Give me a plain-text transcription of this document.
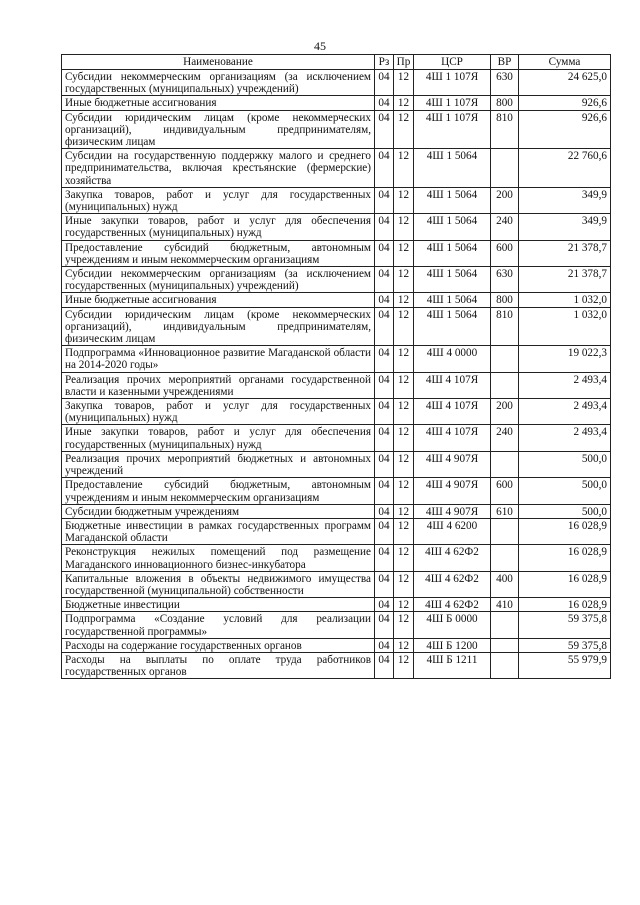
45
Наименование	Рз	Пр	ЦСР	ВР	Сумма
Субсидии некоммерческим организациям (за исключением государственных (муниципальных) учреждений)	04	12	4Ш 1 107Я	630	24 625,0
Иные бюджетные ассигнования	04	12	4Ш 1 107Я	800	926,6
Субсидии юридическим лицам (кроме некоммерческих организаций), индивидуальным предпринимателям, физическим лицам	04	12	4Ш 1 107Я	810	926,6
Субсидии на государственную поддержку малого и среднего предпринимательства, включая крестьянские (фермерские) хозяйства	04	12	4Ш 1 5064		22 760,6
Закупка товаров, работ и услуг для государственных (муниципальных) нужд	04	12	4Ш 1 5064	200	349,9
Иные закупки товаров, работ и услуг для обеспечения государственных (муниципальных) нужд	04	12	4Ш 1 5064	240	349,9
Предоставление субсидий бюджетным, автономным учреждениям и иным некоммерческим организациям	04	12	4Ш 1 5064	600	21 378,7
Субсидии некоммерческим организациям (за исключением государственных (муниципальных) учреждений)	04	12	4Ш 1 5064	630	21 378,7
Иные бюджетные ассигнования	04	12	4Ш 1 5064	800	1 032,0
Субсидии юридическим лицам (кроме некоммерческих организаций), индивидуальным предпринимателям, физическим лицам	04	12	4Ш 1 5064	810	1 032,0
Подпрограмма «Инновационное развитие Магаданской области на 2014-2020 годы»	04	12	4Ш 4 0000		19 022,3
Реализация прочих мероприятий органами государственной власти и казенными учреждениями	04	12	4Ш 4 107Я		2 493,4
Закупка товаров, работ и услуг для государственных (муниципальных) нужд	04	12	4Ш 4 107Я	200	2 493,4
Иные закупки товаров, работ и услуг для обеспечения государственных (муниципальных) нужд	04	12	4Ш 4 107Я	240	2 493,4
Реализация прочих мероприятий бюджетных и автономных учреждений	04	12	4Ш 4 907Я		500,0
Предоставление субсидий бюджетным, автономным учреждениям и иным некоммерческим организациям	04	12	4Ш 4 907Я	600	500,0
Субсидии бюджетным учреждениям	04	12	4Ш 4 907Я	610	500,0
Бюджетные инвестиции в рамках государственных программ Магаданской области	04	12	4Ш 4 6200		16 028,9
Реконструкция нежилых помещений под размещение Магаданского инновационного бизнес-инкубатора	04	12	4Ш 4 62Ф2		16 028,9
Капитальные вложения в объекты недвижимого имущества государственной (муниципальной) собственности	04	12	4Ш 4 62Ф2	400	16 028,9
Бюджетные инвестиции	04	12	4Ш 4 62Ф2	410	16 028,9
Подпрограмма «Создание условий для реализации государственной программы»	04	12	4Ш Б 0000		59 375,8
Расходы на содержание государственных органов	04	12	4Ш Б 1200		59 375,8
Расходы на выплаты по оплате труда работников государственных органов	04	12	4Ш Б 1211		55 979,9
